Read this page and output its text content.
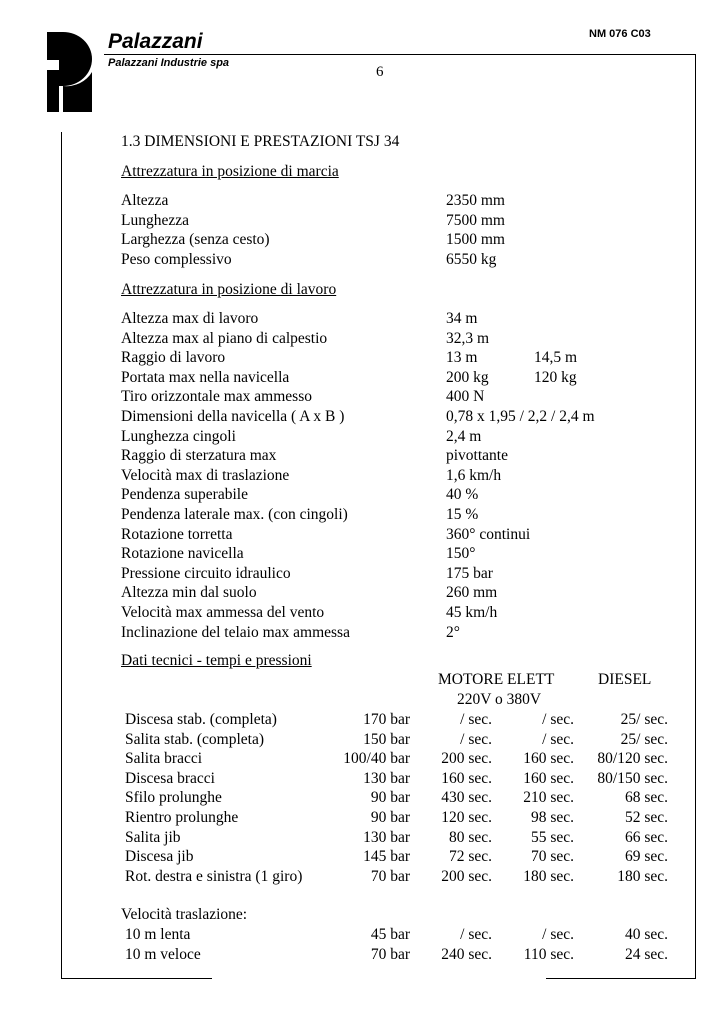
Palazzani
Palazzani Industrie spa
NM 076 C03
6
1.3 DIMENSIONI E PRESTAZIONI TSJ 34
Attrezzatura in posizione di marcia
Altezza	2350 mm
Lunghezza	7500 mm
Larghezza (senza cesto)	1500 mm
Peso complessivo	6550 kg
Attrezzatura in posizione di lavoro
Altezza max di lavoro	34 m
Altezza max al piano di calpestio	32,3 m
Raggio di lavoro	13 m	14,5 m
Portata max nella navicella	200 kg	120 kg
Tiro orizzontale max ammesso	400 N
Dimensioni della navicella ( A x B )	0,78 x 1,95 / 2,2 / 2,4 m
Lunghezza cingoli	2,4 m
Raggio di sterzatura max	pivottante
Velocità max di traslazione	1,6 km/h
Pendenza superabile	40 %
Pendenza laterale max. (con cingoli)	15 %
Rotazione torretta	360° continui
Rotazione navicella	150°
Pressione circuito idraulico	175 bar
Altezza min dal suolo	260 mm
Velocità max ammessa del vento	45 km/h
Inclinazione del telaio max ammessa	2°
Dati tecnici - tempi e pressioni
MOTORE ELETT	DIESEL
220V o 380V
Discesa stab. (completa)	170 bar	/ sec.	/ sec.	25/ sec.
Salita stab. (completa)	150 bar	/ sec.	/ sec.	25/ sec.
Salita bracci	100/40 bar 200 sec. 160 sec. 80/120 sec.
Discesa bracci	130 bar 160 sec. 160 sec. 80/150 sec.
Sfilo prolunghe	90 bar 430 sec. 210 sec.	68 sec.
Rientro prolunghe	90 bar 120 sec.	98 sec.	52 sec.
Salita jib	130 bar	80 sec.	55 sec.	66 sec.
Discesa jib	145 bar	72 sec.	70 sec.	69 sec.
Rot. destra e sinistra (1 giro)	70 bar 200 sec. 180 sec.	180 sec.
Velocità traslazione:
10 m lenta	45 bar	/ sec.	/ sec.	40 sec.
10 m veloce	70 bar 240 sec. 110 sec.	24 sec.
